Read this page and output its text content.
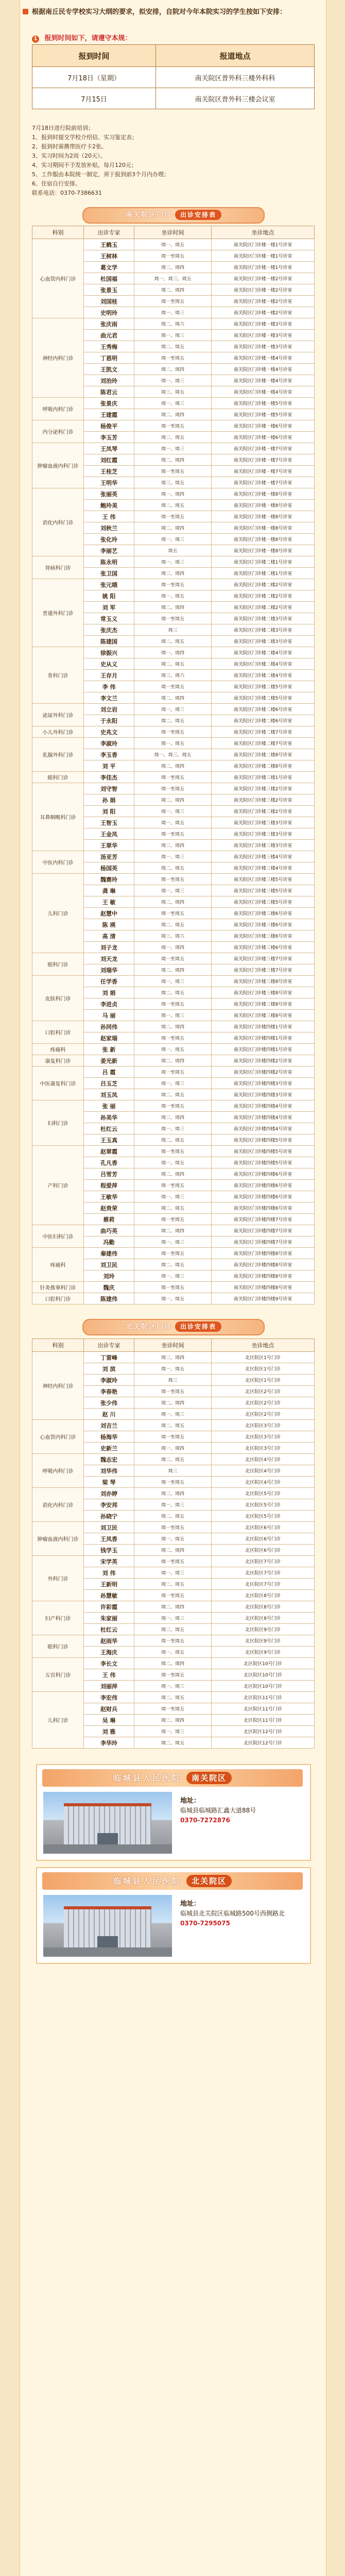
根据南丘民专学校实习大纲的要求，拟安排，自院对今年本院实习的学生按如下安排：
1 报到时间如下，请遵守本规：
报到时间	报道地点
7月18日（星期）	南关院区普外科三楼外科科
7月15日	南关院区普外科三楼会议室
7月18日进行院前培训；
1、报到时提交学校介绍信、实习鉴定表；
2、报到时需携带医疗卡2张。
3、实习时间为2周（20天）。
4、实习期间不予发放补贴，每月120元；
5、工作服由本院统一制定，须于报到前3个月内办理；
6、住宿自行安排。
联系电话：0370-7386631
南关院区门诊 出诊安排表
科别	出诊专家	坐诊时间	坐诊地点
心血管内科门诊	王鹤玉	周一、周五	南关院区门诊楼一楼1号诊室
	王树林	周一至周五	南关院区门诊楼一楼1号诊室
	葛文学	周二、周四	南关院区门诊楼一楼1号诊室
	杜国福	周一、周三、周五	南关院区门诊楼一楼2号诊室
	张景玉	周二、周四	南关院区门诊楼一楼2号诊室
	刘国桂	周一至周五	南关院区门诊楼一楼2号诊室
	史明玲	周一、周三	南关院区门诊楼一楼2号诊室
神经内科门诊	张庆雨	周二、周六	南关院区门诊楼一楼3号诊室
	曲元君	周一、周三	南关院区门诊楼一楼3号诊室
	王秀梅	周二、周五	南关院区门诊楼一楼3号诊室
	丁恩明	周一至周五	南关院区门诊楼一楼4号诊室
	王凯文	周二、周四	南关院区门诊楼一楼4号诊室
	刘治玲	周一、周三	南关院区门诊楼一楼4号诊室
	陈君云	周三、周五	南关院区门诊楼一楼4号诊室
呼吸内科门诊	张景庆	周一、周三	南关院区门诊楼一楼5号诊室
	王建霞	周二、周四	南关院区门诊楼一楼5号诊室
内分泌科门诊	杨俊平	周一至周五	南关院区门诊楼一楼6号诊室
	李玉芳	周二、周五	南关院区门诊楼一楼6号诊室
肿瘤血液内科门诊	王凤琴	周一、周三	南关院区门诊楼一楼7号诊室
	刘红霞	周二、周四	南关院区门诊楼一楼7号诊室
	王桂芝	周一至周五	南关院区门诊楼一楼7号诊室
	王明华	周三、周五	南关院区门诊楼一楼7号诊室
消化内科门诊	张丽英	周一、周四	南关院区门诊楼一楼8号诊室
	鲍玲美	周二、周五	南关院区门诊楼一楼8号诊室
	王 伟	周一至周五	南关院区门诊楼一楼8号诊室
	刘秋兰	周二、周四	南关院区门诊楼一楼8号诊室
	张化玲	周一、周三	南关院区门诊楼一楼8号诊室
	李丽艺	周五	南关院区门诊楼一楼8号诊室
肾病科门诊	陈永明	周一、周三	南关院区门诊楼二楼1号诊室
	张卫国	周二、周四	南关院区门诊楼二楼1号诊室
普通外科门诊	张元娥	周一至周五	南关院区门诊楼二楼2号诊室
	姚 阳	周一、周五	南关院区门诊楼二楼2号诊室
	刘 军	周二、周四	南关院区门诊楼二楼2号诊室
	常玉义	周一至周五	南关院区门诊楼二楼3号诊室
	张庆杰	周三	南关院区门诊楼二楼3号诊室
	陈建国	周二、周五	南关院区门诊楼二楼3号诊室
骨科门诊	徐振兴	周一、周四	南关院区门诊楼二楼4号诊室
	史从义	周二、周五	南关院区门诊楼二楼4号诊室
	王存月	周三、周六	南关院区门诊楼二楼4号诊室
	李 伟	周一至周五	南关院区门诊楼二楼5号诊室
	李文兰	周二、周四	南关院区门诊楼二楼5号诊室
泌尿外科门诊	刘立岩	周一、周三	南关院区门诊楼二楼6号诊室
	于永阳	周二、周五	南关院区门诊楼二楼6号诊室
小儿外科门诊	史兆文	周一至周五	南关院区门诊楼二楼7号诊室
乳腺外科门诊	李淑玲	周一、周五	南关院区门诊楼二楼7号诊室
	李玉香	周一、周三、周五	南关院区门诊楼二楼8号诊室
	刘 平	周二、周四	南关院区门诊楼二楼8号诊室
眼科门诊	李佳杰	周一至周五	南关院区门诊楼三楼1号诊室
耳鼻咽喉科门诊	刘守智	周一至周五	南关院区门诊楼三楼2号诊室
	孙 娟	周二、周四	南关院区门诊楼三楼2号诊室
	刘 阳	周一、周三	南关院区门诊楼三楼2号诊室
	王智玉	周一、周五	南关院区门诊楼三楼3号诊室
	王金凤	周一至周五	南关院区门诊楼三楼3号诊室
	王翠华	周二、周四	南关院区门诊楼三楼3号诊室
中医内科门诊	汤亚芳	周一、周三	南关院区门诊楼三楼4号诊室
	杨国英	周二、周五	南关院区门诊楼三楼4号诊室
儿科门诊	魏赛玲	周一至周五	南关院区门诊楼三楼5号诊室
	龚 琳	周一、周三	南关院区门诊楼三楼5号诊室
	王 敏	周二、周四	南关院区门诊楼三楼5号诊室
	赵慧中	周一至周五	南关院区门诊楼三楼6号诊室
	陈 瑛	周二、周五	南关院区门诊楼三楼6号诊室
	高 清	周三、周六	南关院区门诊楼三楼6号诊室
	刘子龙	周一、周四	南关院区门诊楼三楼6号诊室
眼科门诊	刘天龙	周一至周五	南关院区门诊楼三楼7号诊室
	刘瑞华	周二、周四	南关院区门诊楼三楼7号诊室
皮肤科门诊	任学香	周一、周三	南关院区门诊楼三楼8号诊室
	刘 娟	周二、周五	南关院区门诊楼三楼8号诊室
	李进贞	周一至周五	南关院区门诊楼三楼8号诊室
	马 丽	周一、周三	南关院区门诊楼三楼8号诊室
口腔科门诊	孙同伟	周二、周四	南关院区门诊楼四楼1号诊室
	赵家瑞	周一至周五	南关院区门诊楼四楼1号诊室
疼痛科	张 新	周一、周五	南关院区门诊楼四楼1号诊室
康复科门诊	姜光新	周二、周四	南关院区门诊楼四楼2号诊室
中医康复科门诊	吕 霞	周一至周五	南关院区门诊楼四楼2号诊室
	吕玉芝	周一、周三	南关院区门诊楼四楼3号诊室
	刘玉凤	周二、周五	南关院区门诊楼四楼3号诊室
妇科门诊	张 丽	周一至周五	南关院区门诊楼四楼4号诊室
	孙美华	周二、周四	南关院区门诊楼四楼4号诊室
	杜红云	周一、周三	南关院区门诊楼四楼4号诊室
	王玉真	周二、周五	南关院区门诊楼四楼5号诊室
产科门诊	赵翠霞	周一至周五	南关院区门诊楼四楼5号诊室
	孔凡香	周一、周五	南关院区门诊楼四楼5号诊室
	吕雪芳	周二、周四	南关院区门诊楼四楼6号诊室
	程爱萍	周一至周五	南关院区门诊楼四楼6号诊室
	王敏华	周一、周三	南关院区门诊楼四楼6号诊室
	赵贵荣	周二、周五	南关院区门诊楼四楼6号诊室
	蔡莉	周一至周五	南关院区门诊楼四楼7号诊室
中医妇科门诊	曲巧英	周二、周四	南关院区门诊楼四楼7号诊室
	冯勤	周一、周三	南关院区门诊楼四楼7号诊室
疼痛科	秦建伟	周一至周五	南关院区门诊楼四楼8号诊室
	刘卫民	周二、周五	南关院区门诊楼四楼8号诊室
	刘玲	周一、周三	南关院区门诊楼四楼8号诊室
针灸推拿科门诊	魏庆	周一至周五	南关院区门诊楼四楼8号诊室
口腔科门诊	陈建伟	周一、周五	南关院区门诊楼四楼9号诊室
北关院区门诊 出诊安排表
科别	出诊专家	坐诊时间	坐诊地点
神经内科门诊	丁雷峰	周二、周四	北区院区1号门诊
	刘 滨	周一、周五	北区院区1号门诊
	李淑玲	周三	北区院区1号门诊
	李春艳	周一至周五	北区院区2号门诊
	张少伟	周二、周四	北区院区2号门诊
	赵 川	周一、周三	北区院区2号门诊
心血管内科门诊	刘吉兰	周二、周五	北区院区3号门诊
	杨海华	周一至周五	北区院区3号门诊
	史新兰	周一、周四	北区院区3号门诊
呼吸内科门诊	魏志宏	周二、周五	北区院区4号门诊
	刘华伟	周三	北区院区4号门诊
	梁 琴	周一至周五	北区院区4号门诊
消化内科门诊	刘亦婷	周二、周四	北区院区5号门诊
	李安邦	周一、周三	北区院区5号门诊
	孙晓宁	周二、周五	北区院区5号门诊
肿瘤血液内科门诊	刘卫民	周一至周五	北区院区6号门诊
	王凤香	周一、周五	北区院区6号门诊
	钱学玉	周二、周四	北区院区6号门诊
外科门诊	宋学英	周一至周五	北区院区7号门诊
	刘 伟	周一、周三	北区院区7号门诊
	王新明	周二、周五	北区院区7号门诊
	孙慧敏	周一至周五	北区院区8号门诊
妇产科门诊	许彩霞	周二、周四	北区院区8号门诊
	朱家丽	周一、周三	北区院区8号门诊
	杜红云	周二、周五	北区院区9号门诊
眼科门诊	赵雨华	周一至周五	北区院区9号门诊
	王海庆	周一、周五	北区院区9号门诊
五官科门诊	李长文	周二、周四	北区院区10号门诊
	王 伟	周一至周五	北区院区10号门诊
	刘丽萍	周一、周三	北区院区10号门诊
儿科门诊	李宏伟	周二、周五	北区院区11号门诊
	赵财兵	周一至周五	北区院区11号门诊
	吴 琳	周二、周四	北区院区11号门诊
	刘 雅	周一、周三	北区院区12号门诊
	李华玲	周二、周五	北区院区12号门诊
临城县人民医院 南关院区
地址：
临城县临城路汇鑫大道88号
0370-7272876
临城县人民医院 北关院区
地址：
临城县北关院区临城路500号西侧路北
0370-7295075
